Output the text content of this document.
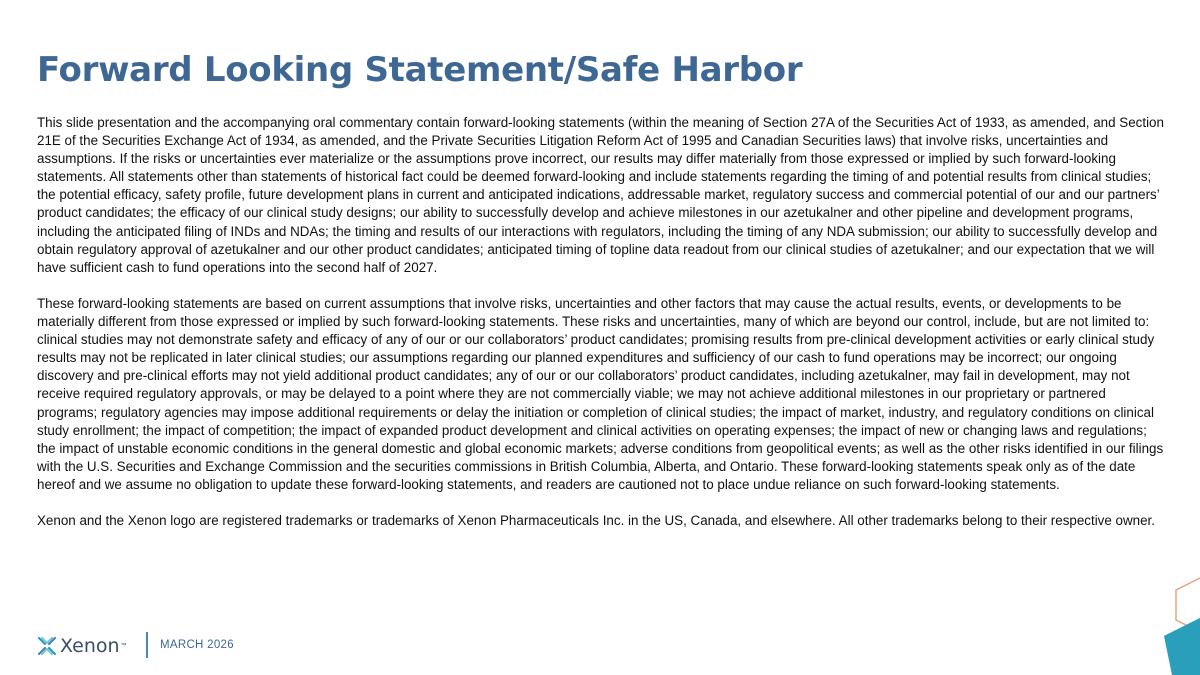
Forward Looking Statement/Safe Harbor

This slide presentation and the accompanying oral commentary contain forward-looking statements (within the meaning of Section 27A of the Securities Act of 1933, as amended, and Section 21E of the Securities Exchange Act of 1934, as amended, and the Private Securities Litigation Reform Act of 1995 and Canadian Securities laws) that involve risks, uncertainties and assumptions. If the risks or uncertainties ever materialize or the assumptions prove incorrect, our results may differ materially from those expressed or implied by such forward-looking statements. All statements other than statements of historical fact could be deemed forward-looking and include statements regarding the timing of and potential results from clinical studies; the potential efficacy, safety profile, future development plans in current and anticipated indications, addressable market, regulatory success and commercial potential of our and our partners’ product candidates; the efficacy of our clinical study designs; our ability to successfully develop and achieve milestones in our azetukalner and other pipeline and development programs, including the anticipated filing of INDs and NDAs; the timing and results of our interactions with regulators, including the timing of any NDA submission; our ability to successfully develop and obtain regulatory approval of azetukalner and our other product candidates; anticipated timing of topline data readout from our clinical studies of azetukalner; and our expectation that we will have sufficient cash to fund operations into the second half of 2027.

These forward-looking statements are based on current assumptions that involve risks, uncertainties and other factors that may cause the actual results, events, or developments to be materially different from those expressed or implied by such forward-looking statements. These risks and uncertainties, many of which are beyond our control, include, but are not limited to: clinical studies may not demonstrate safety and efficacy of any of our or our collaborators’ product candidates; promising results from pre-clinical development activities or early clinical study results may not be replicated in later clinical studies; our assumptions regarding our planned expenditures and sufficiency of our cash to fund operations may be incorrect; our ongoing discovery and pre-clinical efforts may not yield additional product candidates; any of our or our collaborators’ product candidates, including azetukalner, may fail in development, may not receive required regulatory approvals, or may be delayed to a point where they are not commercially viable; we may not achieve additional milestones in our proprietary or partnered programs; regulatory agencies may impose additional requirements or delay the initiation or completion of clinical studies; the impact of market, industry, and regulatory conditions on clinical study enrollment; the impact of competition; the impact of expanded product development and clinical activities on operating expenses; the impact of new or changing laws and regulations; the impact of unstable economic conditions in the general domestic and global economic markets; adverse conditions from geopolitical events; as well as the other risks identified in our filings with the U.S. Securities and Exchange Commission and the securities commissions in British Columbia, Alberta, and Ontario. These forward-looking statements speak only as of the date hereof and we assume no obligation to update these forward-looking statements, and readers are cautioned not to place undue reliance on such forward-looking statements.

Xenon and the Xenon logo are registered trademarks or trademarks of Xenon Pharmaceuticals Inc. in the US, Canada, and elsewhere. All other trademarks belong to their respective owner.

Xenon ™	MARCH 2026	3
